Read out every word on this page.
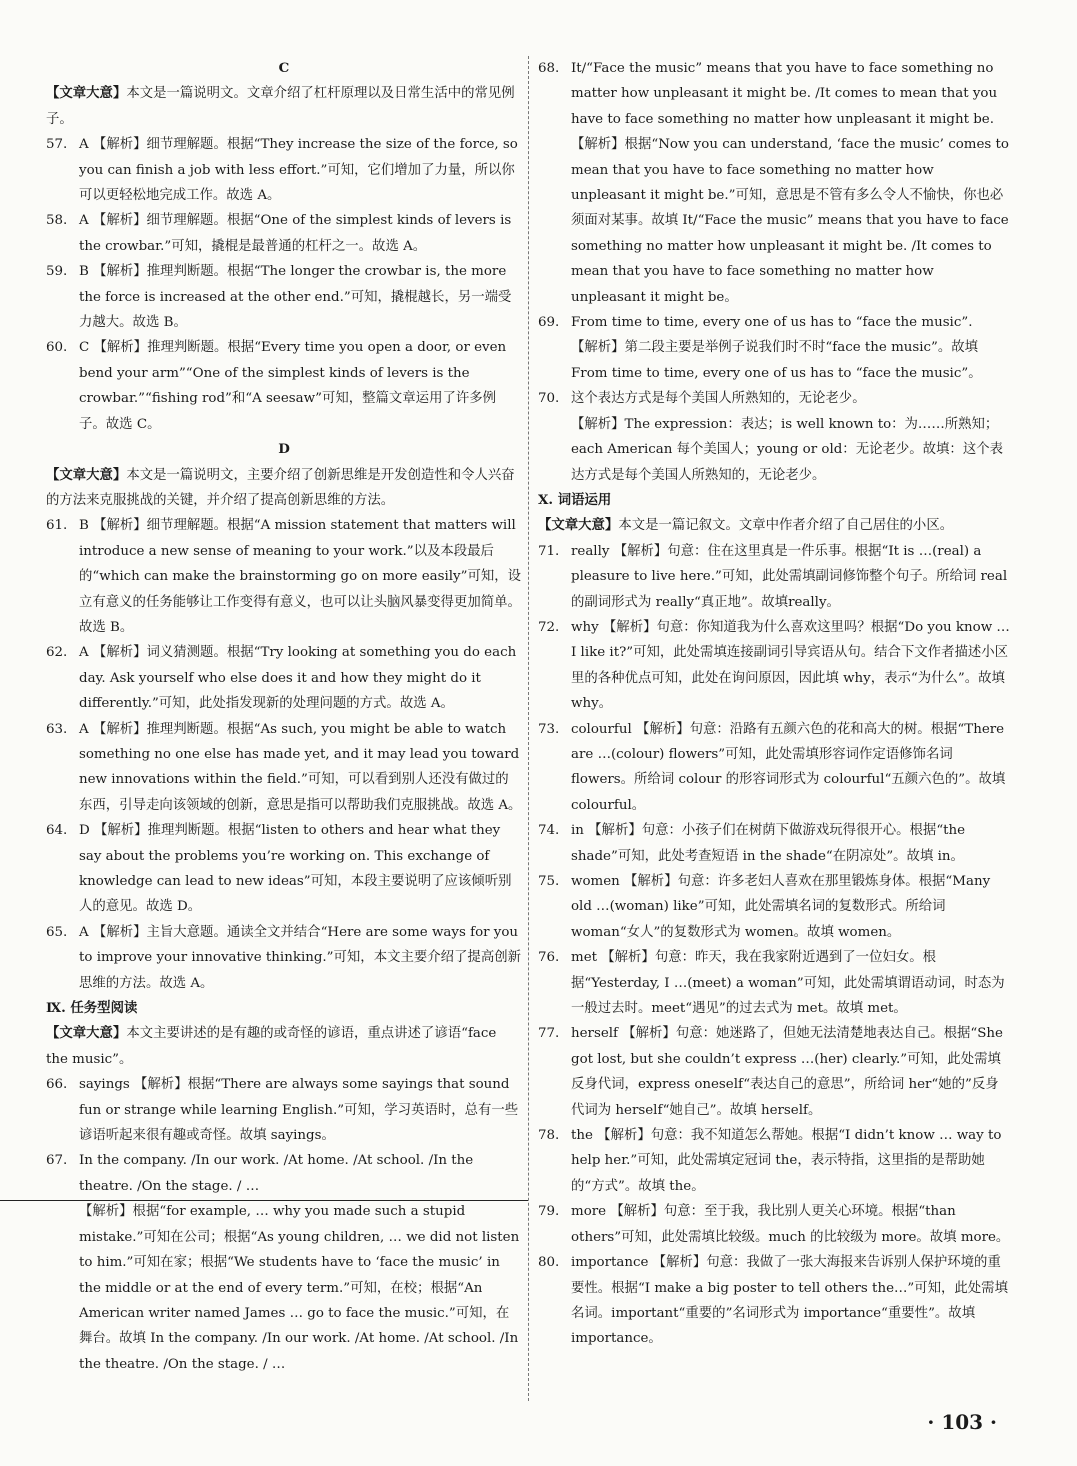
C
【文章大意】本文是一篇说明文。文章介绍了杠杆原理以及日常生活中的常见例子。
57. A 【解析】细节理解题。根据“They increase the size of the force, so you can finish a job with less effort.”可知，它们增加了力量，所以你可以更轻松地完成工作。故选 A。
58. A 【解析】细节理解题。根据“One of the simplest kinds of levers is the crowbar.”可知，撬棍是最普通的杠杆之一。故选 A。
59. B 【解析】推理判断题。根据“The longer the crowbar is, the more the force is increased at the other end.”可知，撬棍越长，另一端受力越大。故选 B。
60. C 【解析】推理判断题。根据“Every time you open a door, or even bend your arm”“One of the simplest kinds of levers is the crowbar.”“fishing rod”和“A seesaw”可知，整篇文章运用了许多例子。故选 C。
D
【文章大意】本文是一篇说明文，主要介绍了创新思维是开发创造性和令人兴奋的方法来克服挑战的关键，并介绍了提高创新思维的方法。
61. B 【解析】细节理解题。根据“A mission statement that matters will introduce a new sense of meaning to your work.”以及本段最后的“which can make the brainstorming go on more easily”可知，设立有意义的任务能够让工作变得有意义，也可以让头脑风暴变得更加简单。故选 B。
62. A 【解析】词义猜测题。根据“Try looking at something you do each day. Ask yourself who else does it and how they might do it differently.”可知，此处指发现新的处理问题的方式。故选 A。
63. A 【解析】推理判断题。根据“As such, you might be able to watch something no one else has made yet, and it may lead you toward new innovations within the field.”可知，可以看到别人还没有做过的东西，引导走向该领域的创新，意思是指可以帮助我们克服挑战。故选 A。
64. D 【解析】推理判断题。根据“listen to others and hear what they say about the problems you’re working on. This exchange of knowledge can lead to new ideas”可知，本段主要说明了应该倾听别人的意见。故选 D。
65. A 【解析】主旨大意题。通读全文并结合“Here are some ways for you to improve your innovative thinking.”可知，本文主要介绍了提高创新思维的方法。故选 A。
Ⅸ. 任务型阅读
【文章大意】本文主要讲述的是有趣的或奇怪的谚语，重点讲述了谚语“face the music”。
66. sayings 【解析】根据“There are always some sayings that sound fun or strange while learning English.”可知，学习英语时，总有一些谚语听起来很有趣或奇怪。故填 sayings。
67. In the company. /In our work. /At home. /At school. /In the theatre. /On the stage. / …
【解析】根据“for example, … why you made such a stupid mistake.”可知在公司；根据“As young children, … we did not listen to him.”可知在家；根据“We students have to ‘face the music’ in the middle or at the end of every term.”可知，在校；根据“An American writer named James … go to face the music.”可知，在舞台。故填 In the company. /In our work. /At home. /At school. /In the theatre. /On the stage. / …
68. It/“Face the music” means that you have to face something no matter how unpleasant it might be. /It comes to mean that you have to face something no matter how unpleasant it might be.
【解析】根据“Now you can understand, ‘face the music’ comes to mean that you have to face something no matter how unpleasant it might be.”可知，意思是不管有多么令人不愉快，你也必须面对某事。故填 It/“Face the music” means that you have to face something no matter how unpleasant it might be. /It comes to mean that you have to face something no matter how unpleasant it might be。
69. From time to time, every one of us has to “face the music”.
【解析】第二段主要是举例子说我们时不时“face the music”。故填 From time to time, every one of us has to “face the music”。
70. 这个表达方式是每个美国人所熟知的，无论老少。
【解析】The expression：表达；is well known to：为……所熟知；each American 每个美国人；young or old：无论老少。故填：这个表达方式是每个美国人所熟知的，无论老少。
Ⅹ. 词语运用
【文章大意】本文是一篇记叙文。文章中作者介绍了自己居住的小区。
71. really 【解析】句意：住在这里真是一件乐事。根据“It is …(real) a pleasure to live here.”可知，此处需填副词修饰整个句子。所给词 real 的副词形式为 really“真正地”。故填really。
72. why 【解析】句意：你知道我为什么喜欢这里吗？根据“Do you know … I like it?”可知，此处需填连接副词引导宾语从句。结合下文作者描述小区里的各种优点可知，此处在询问原因，因此填 why，表示“为什么”。故填 why。
73. colourful 【解析】句意：沿路有五颜六色的花和高大的树。根据“There are …(colour) flowers”可知，此处需填形容词作定语修饰名词 flowers。所给词 colour 的形容词形式为 colourful“五颜六色的”。故填 colourful。
74. in 【解析】句意：小孩子们在树荫下做游戏玩得很开心。根据“the shade”可知，此处考查短语 in the shade“在阴凉处”。故填 in。
75. women 【解析】句意：许多老妇人喜欢在那里锻炼身体。根据“Many old …(woman) like”可知，此处需填名词的复数形式。所给词 woman“女人”的复数形式为 women。故填 women。
76. met 【解析】句意：昨天，我在我家附近遇到了一位妇女。根据“Yesterday, I …(meet) a woman”可知，此处需填谓语动词，时态为一般过去时。meet“遇见”的过去式为 met。故填 met。
77. herself 【解析】句意：她迷路了，但她无法清楚地表达自己。根据“She got lost, but she couldn’t express …(her) clearly.”可知，此处需填反身代词，express oneself“表达自己的意思”，所给词 her“她的”反身代词为 herself“她自己”。故填 herself。
78. the 【解析】句意：我不知道怎么帮她。根据“I didn’t know … way to help her.”可知，此处需填定冠词 the，表示特指，这里指的是帮助她的“方式”。故填 the。
79. more 【解析】句意：至于我，我比别人更关心环境。根据“than others”可知，此处需填比较级。much 的比较级为 more。故填 more。
80. importance 【解析】句意：我做了一张大海报来告诉别人保护环境的重要性。根据“I make a big poster to tell others the…”可知，此处需填名词。important“重要的”名词形式为 importance“重要性”。故填 importance。
· 103 ·
